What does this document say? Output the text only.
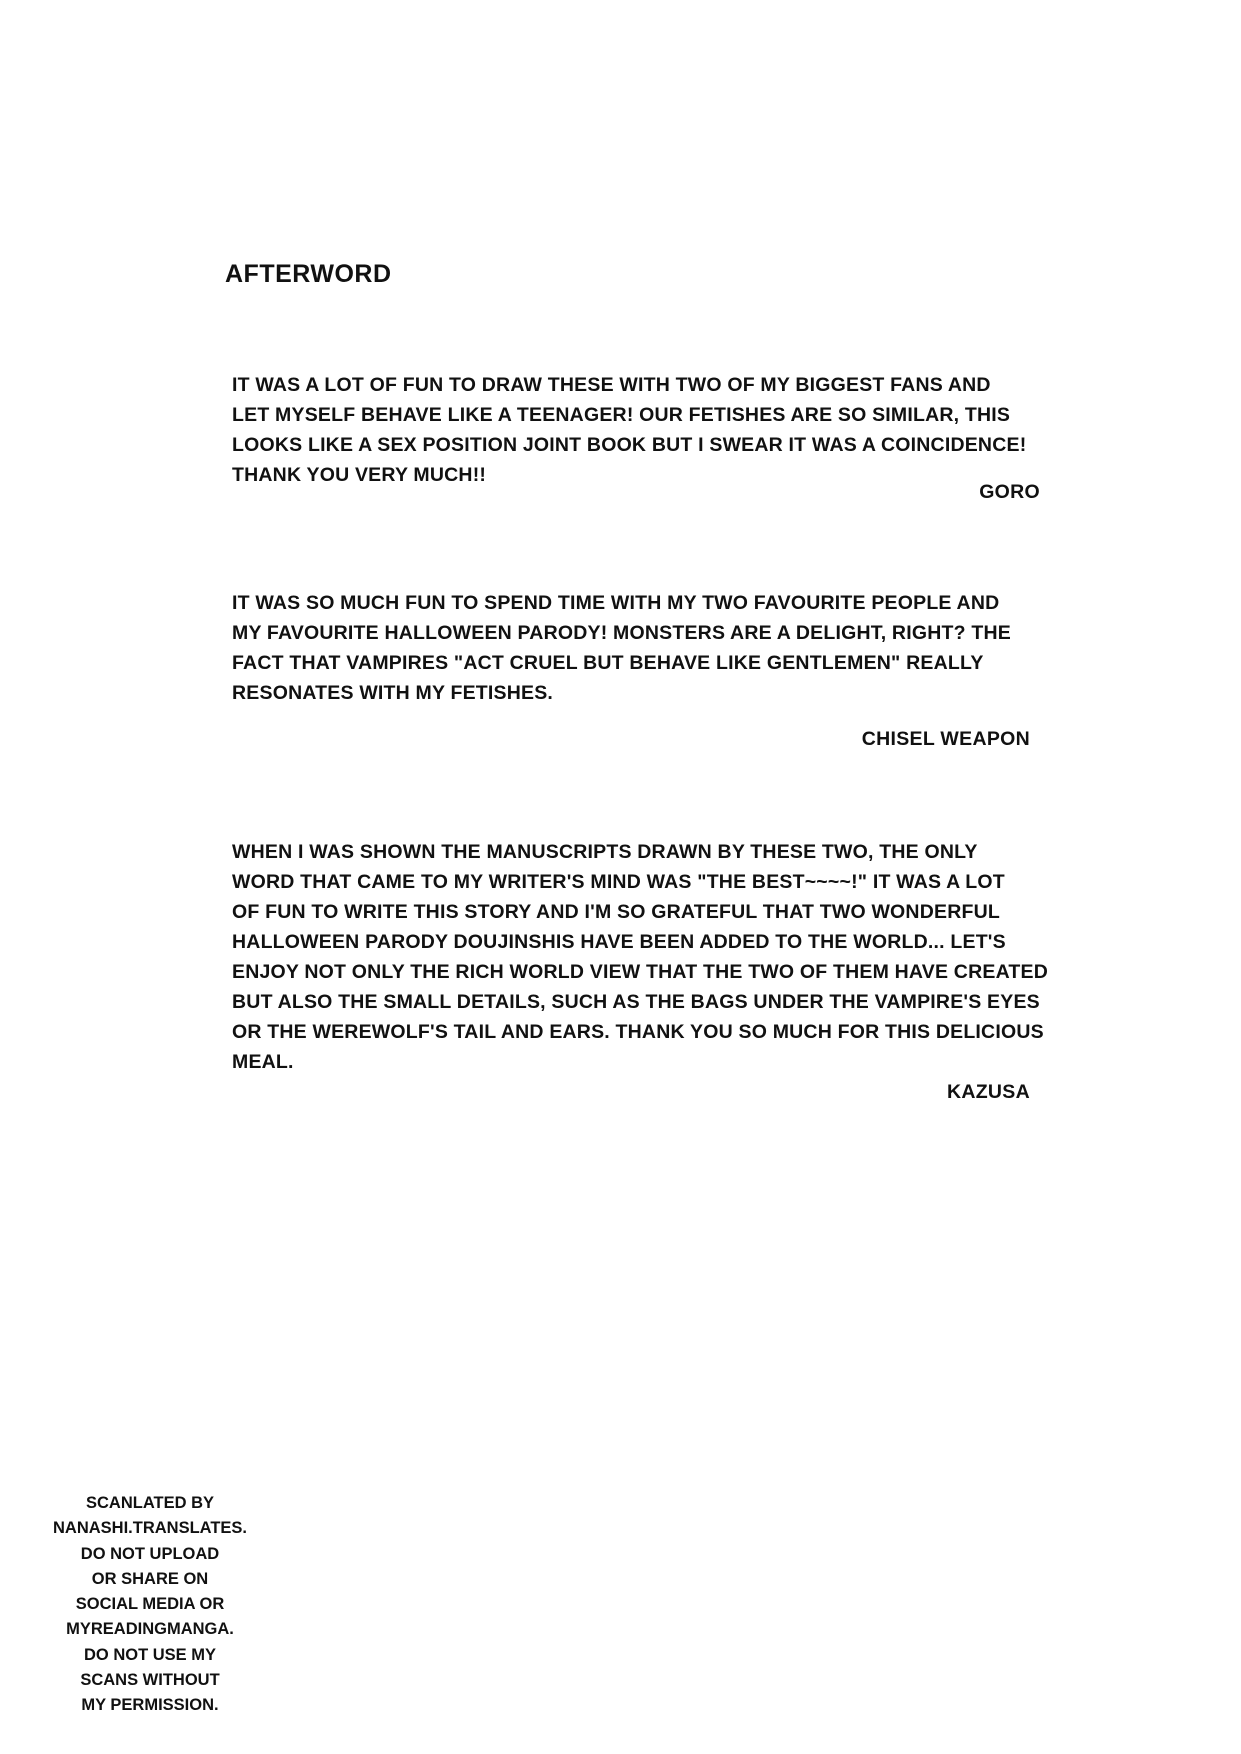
AFTERWORD
IT WAS A LOT OF FUN TO DRAW THESE WITH TWO OF MY BIGGEST FANS AND
LET MYSELF BEHAVE LIKE A TEENAGER! OUR FETISHES ARE SO SIMILAR, THIS
LOOKS LIKE A SEX POSITION JOINT BOOK BUT I SWEAR IT WAS A COINCIDENCE!
THANK YOU VERY MUCH!!
GORO
IT WAS SO MUCH FUN TO SPEND TIME WITH MY TWO FAVOURITE PEOPLE AND
MY FAVOURITE HALLOWEEN PARODY! MONSTERS ARE A DELIGHT, RIGHT? THE
FACT THAT VAMPIRES "ACT CRUEL BUT BEHAVE LIKE GENTLEMEN" REALLY
RESONATES WITH MY FETISHES.
CHISEL WEAPON
WHEN I WAS SHOWN THE MANUSCRIPTS DRAWN BY THESE TWO, THE ONLY
WORD THAT CAME TO MY WRITER'S MIND WAS "THE BEST~~~~!" IT WAS A LOT
OF FUN TO WRITE THIS STORY AND I'M SO GRATEFUL THAT TWO WONDERFUL
HALLOWEEN PARODY DOUJINSHIS HAVE BEEN ADDED TO THE WORLD... LET'S
ENJOY NOT ONLY THE RICH WORLD VIEW THAT THE TWO OF THEM HAVE CREATED
BUT ALSO THE SMALL DETAILS, SUCH AS THE BAGS UNDER THE VAMPIRE'S EYES
OR THE WEREWOLF'S TAIL AND EARS. THANK YOU SO MUCH FOR THIS DELICIOUS
MEAL.
KAZUSA
SCANLATED BY
NANASHI.TRANSLATES.
DO NOT UPLOAD
OR SHARE ON
SOCIAL MEDIA OR
MYREADINGMANGA.
DO NOT USE MY
SCANS WITHOUT
MY PERMISSION.
